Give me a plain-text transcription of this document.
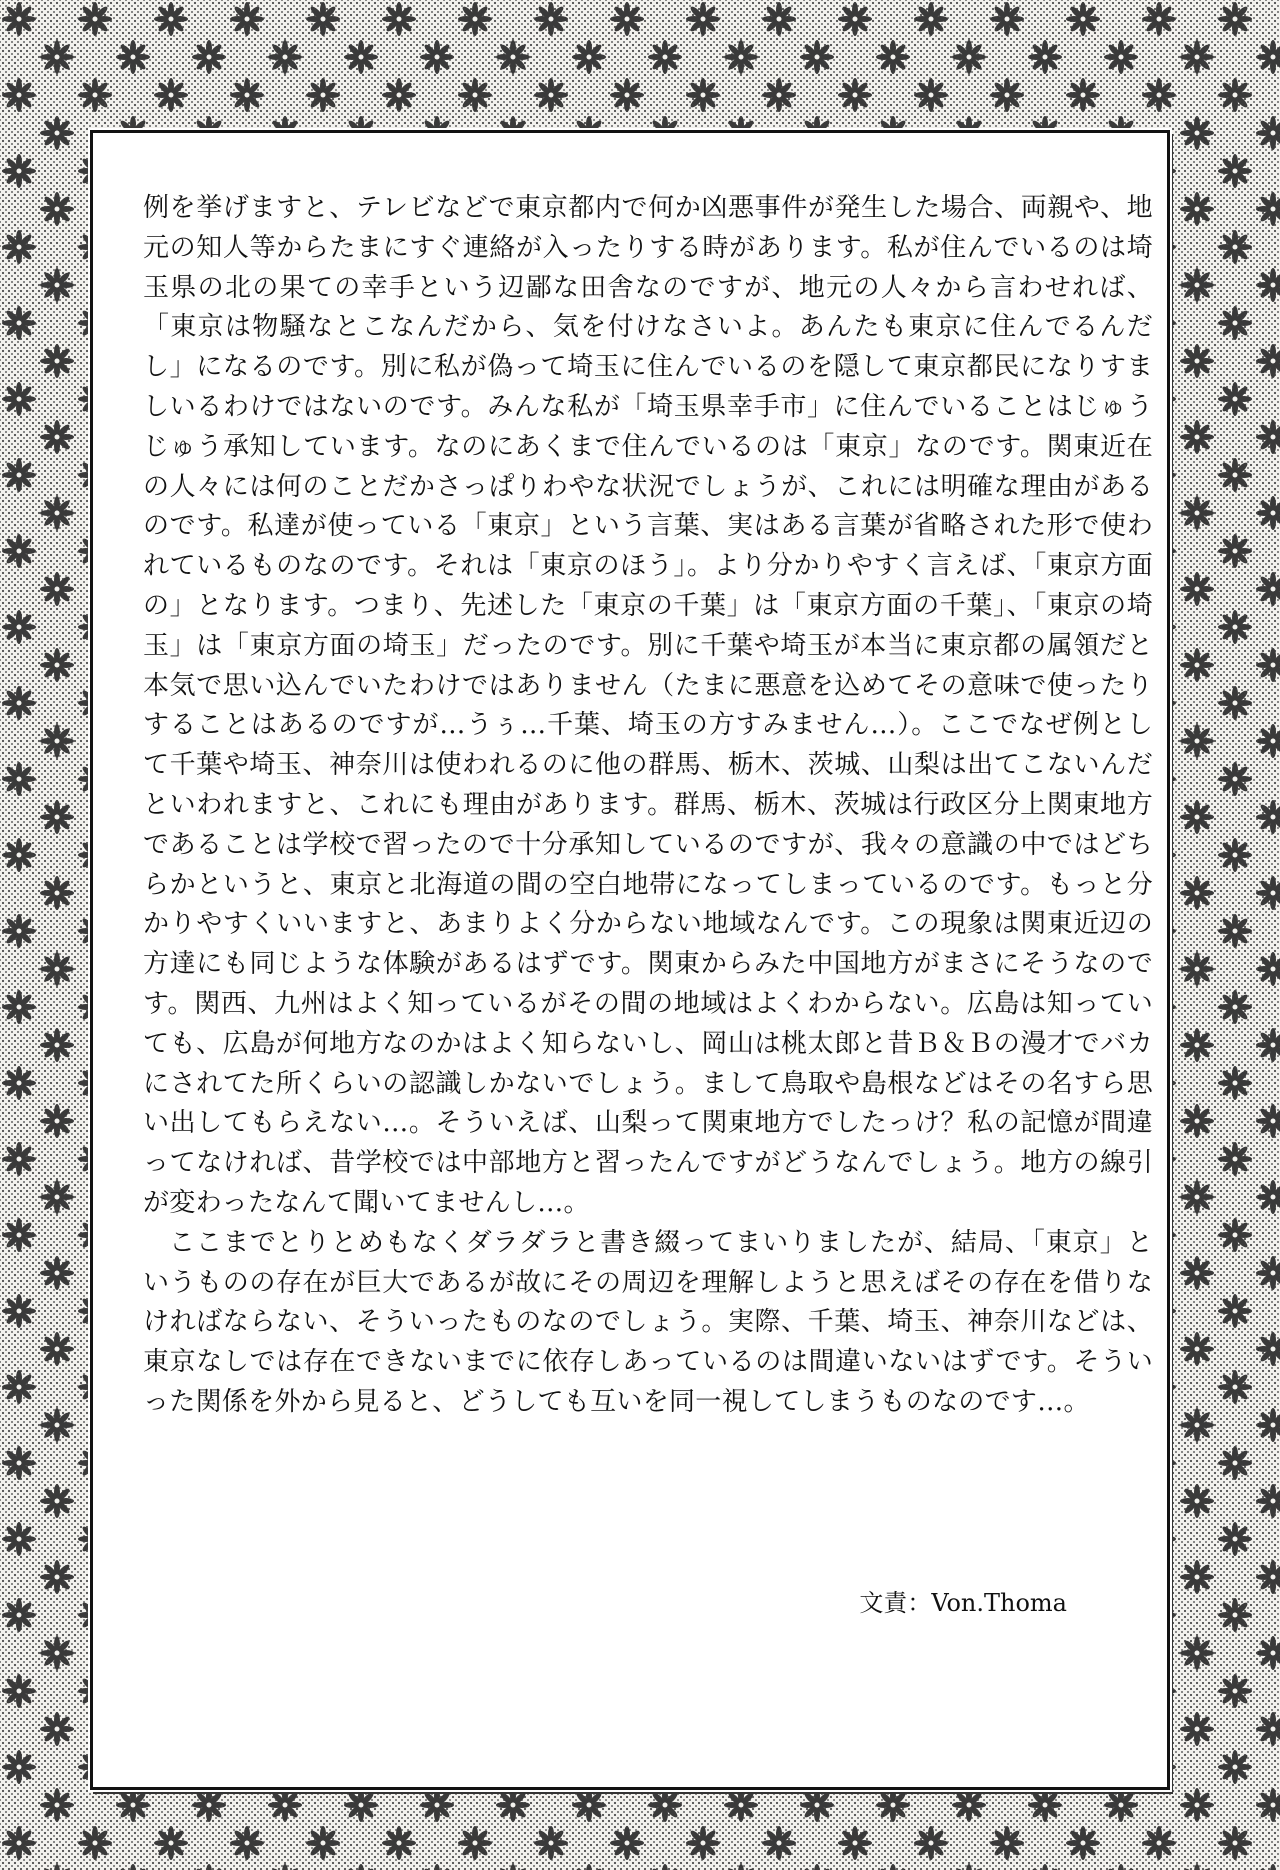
例を挙げますと、テレビなどで東京都内で何か凶悪事件が発生した場合、両親や、地元の知人等からたまにすぐ連絡が入ったりする時があります。私が住んでいるのは埼玉県の北の果ての幸手という辺鄙な田舎なのですが、地元の人々から言わせれば、「東京は物騒なとこなんだから、気を付けなさいよ。あんたも東京に住んでるんだし」になるのです。別に私が偽って埼玉に住んでいるのを隠して東京都民になりすましいるわけではないのです。みんな私が「埼玉県幸手市」に住んでいることはじゅうじゅう承知しています。なのにあくまで住んでいるのは「東京」なのです。関東近在の人々には何のことだかさっぱりわやな状況でしょうが、これには明確な理由があるのです。私達が使っている「東京」という言葉、実はある言葉が省略された形で使われているものなのです。それは「東京のほう」。より分かりやすく言えば、「東京方面の」となります。つまり、先述した「東京の千葉」は「東京方面の千葉」、「東京の埼玉」は「東京方面の埼玉」だったのです。別に千葉や埼玉が本当に東京都の属領だと本気で思い込んでいたわけではありません（たまに悪意を込めてその意味で使ったりすることはあるのですが…うぅ…千葉、埼玉の方すみません…）。ここでなぜ例として千葉や埼玉、神奈川は使われるのに他の群馬、栃木、茨城、山梨は出てこないんだといわれますと、これにも理由があります。群馬、栃木、茨城は行政区分上関東地方であることは学校で習ったので十分承知しているのですが、我々の意識の中ではどちらかというと、東京と北海道の間の空白地帯になってしまっているのです。もっと分かりやすくいいますと、あまりよく分からない地域なんです。この現象は関東近辺の方達にも同じような体験があるはずです。関東からみた中国地方がまさにそうなのです。関西、九州はよく知っているがその間の地域はよくわからない。広島は知っていても、広島が何地方なのかはよく知らないし、岡山は桃太郎と昔Ｂ＆Ｂの漫才でバカにされてた所くらいの認識しかないでしょう。まして鳥取や島根などはその名すら思い出してもらえない…。そういえば、山梨って関東地方でしたっけ？私の記憶が間違ってなければ、昔学校では中部地方と習ったんですがどうなんでしょう。地方の線引が変わったなんて聞いてませんし…。

ここまでとりとめもなくダラダラと書き綴ってまいりましたが、結局、「東京」というものの存在が巨大であるが故にその周辺を理解しようと思えばその存在を借りなければならない、そういったものなのでしょう。実際、千葉、埼玉、神奈川などは、東京なしでは存在できないまでに依存しあっているのは間違いないはずです。そういった関係を外から見ると、どうしても互いを同一視してしまうものなのです…。

文責：Von.Thoma
